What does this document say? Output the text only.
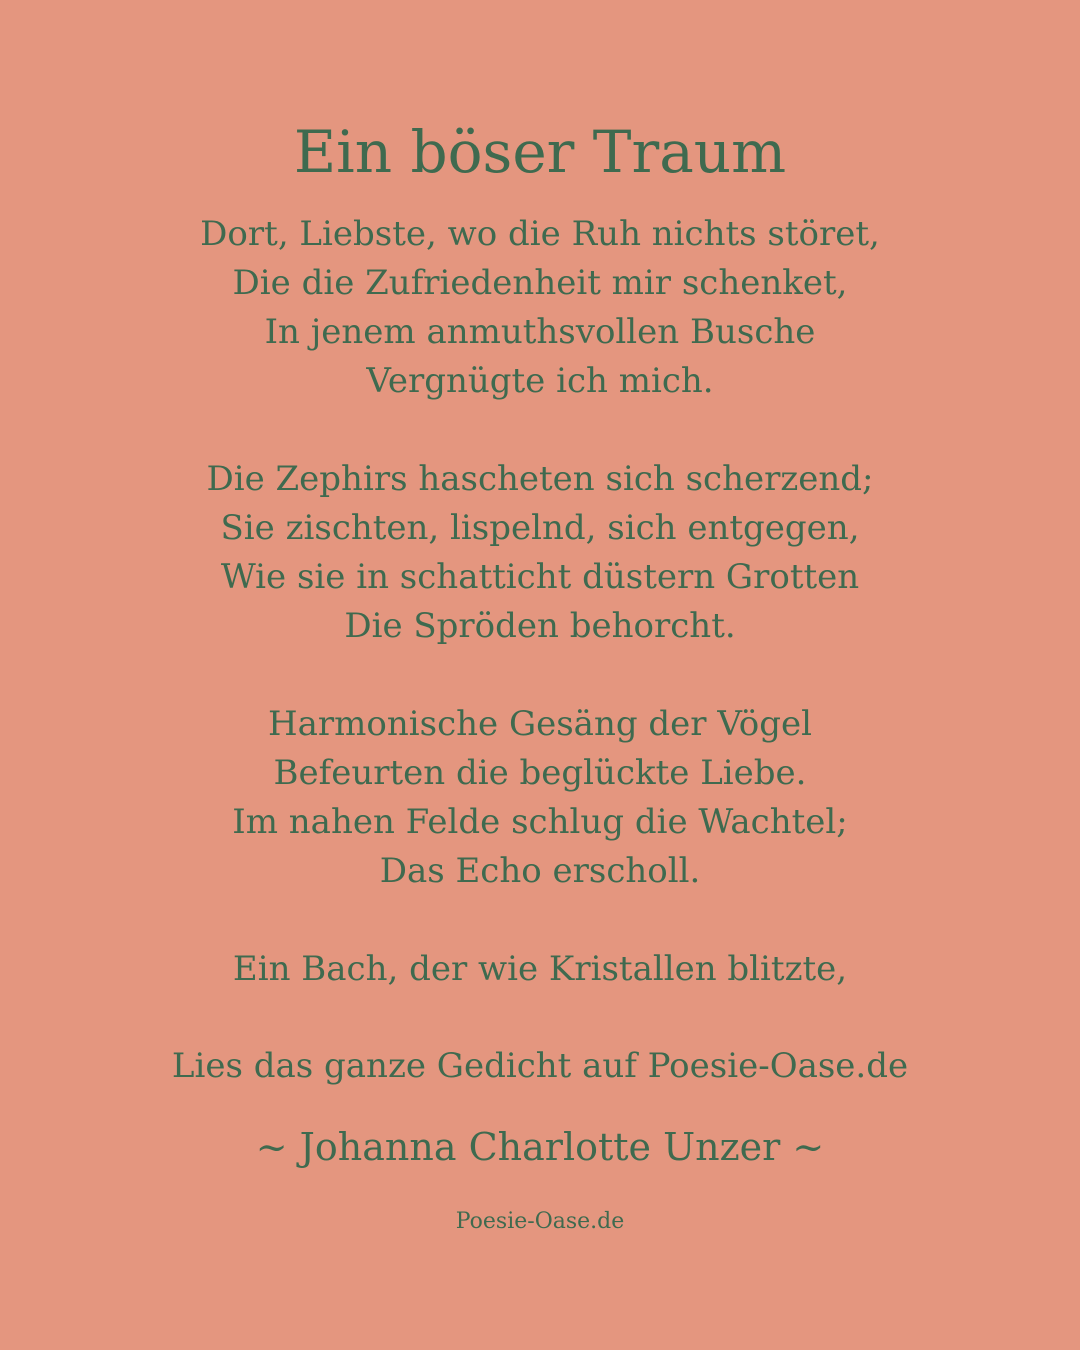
Ein böser Traum
Dort, Liebste, wo die Ruh nichts störet,
Die die Zufriedenheit mir schenket,
In jenem anmuthsvollen Busche
Vergnügte ich mich.
Die Zephirs hascheten sich scherzend;
Sie zischten, lispelnd, sich entgegen,
Wie sie in schatticht düstern Grotten
Die Spröden behorcht.
Harmonische Gesäng der Vögel
Befeurten die beglückte Liebe.
Im nahen Felde schlug die Wachtel;
Das Echo erscholl.
Ein Bach, der wie Kristallen blitzte,
Lies das ganze Gedicht auf Poesie-Oase.de
~ Johanna Charlotte Unzer ~
Poesie-Oase.de
